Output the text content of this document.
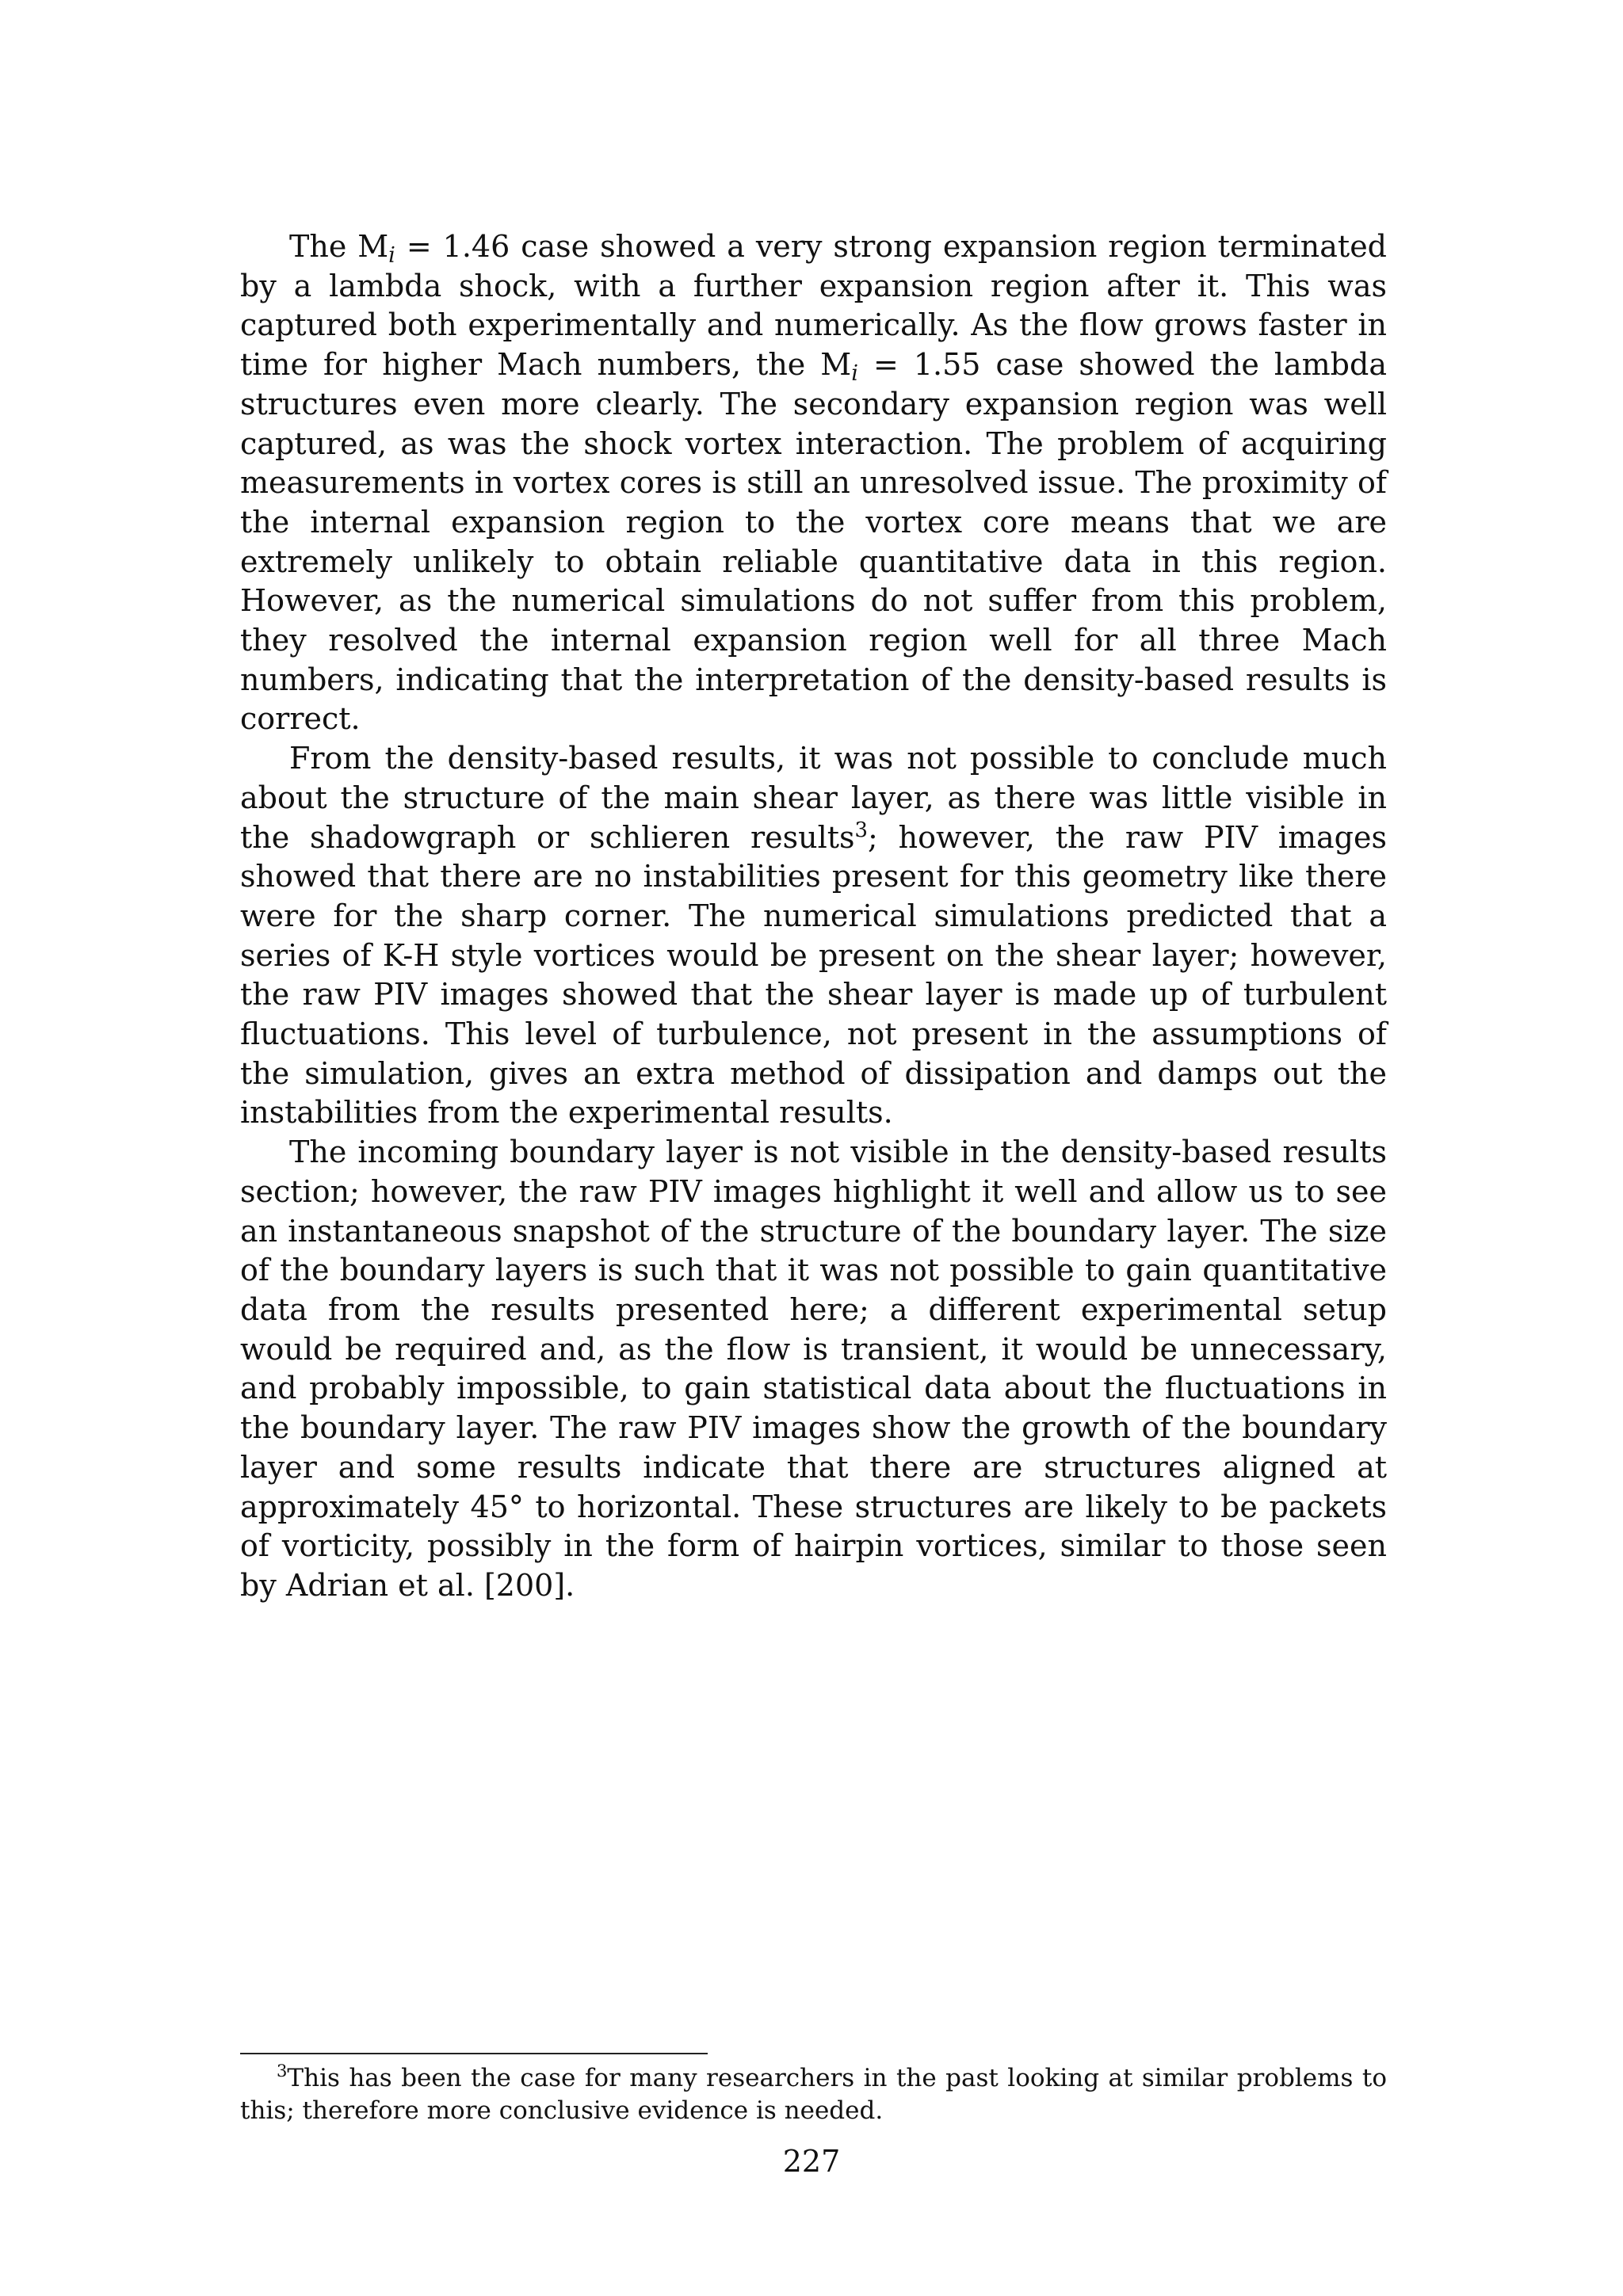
The $M_i = 1.46$ case showed a very strong expansion region terminated by a lambda shock, with a further expansion region after it. This was captured both experimentally and numerically. As the flow grows faster in time for higher Mach numbers, the $M_i = 1.55$ case showed the lambda structures even more clearly. The secondary expansion region was well captured, as was the shock vortex interaction. The problem of acquiring measurements in vortex cores is still an unresolved issue. The proximity of the internal expansion region to the vortex core means that we are extremely unlikely to obtain reliable quantitative data in this region. However, as the numerical simulations do not suffer from this problem, they resolved the internal expansion region well for all three Mach numbers, indicating that the interpretation of the density-based results is correct.

From the density-based results, it was not possible to conclude much about the structure of the main shear layer, as there was little visible in the shadowgraph or schlieren results$^3$; however, the raw PIV images showed that there are no instabilities present for this geometry like there were for the sharp corner. The numerical simulations predicted that a series of K-H style vortices would be present on the shear layer; however, the raw PIV images showed that the shear layer is made up of turbulent fluctuations. This level of turbulence, not present in the assumptions of the simulation, gives an extra method of dissipation and damps out the instabilities from the experimental results.

The incoming boundary layer is not visible in the density-based results section; however, the raw PIV images highlight it well and allow us to see an instantaneous snapshot of the structure of the boundary layer. The size of the boundary layers is such that it was not possible to gain quantitative data from the results presented here; a different experimental setup would be required and, as the flow is transient, it would be unnecessary, and probably impossible, to gain statistical data about the fluctuations in the boundary layer. The raw PIV images show the growth of the boundary layer and some results indicate that there are structures aligned at approximately 45° to horizontal. These structures are likely to be packets of vorticity, possibly in the form of hairpin vortices, similar to those seen by Adrian et al. [200].

3This has been the case for many researchers in the past looking at similar problems to this; therefore more conclusive evidence is needed.
227
